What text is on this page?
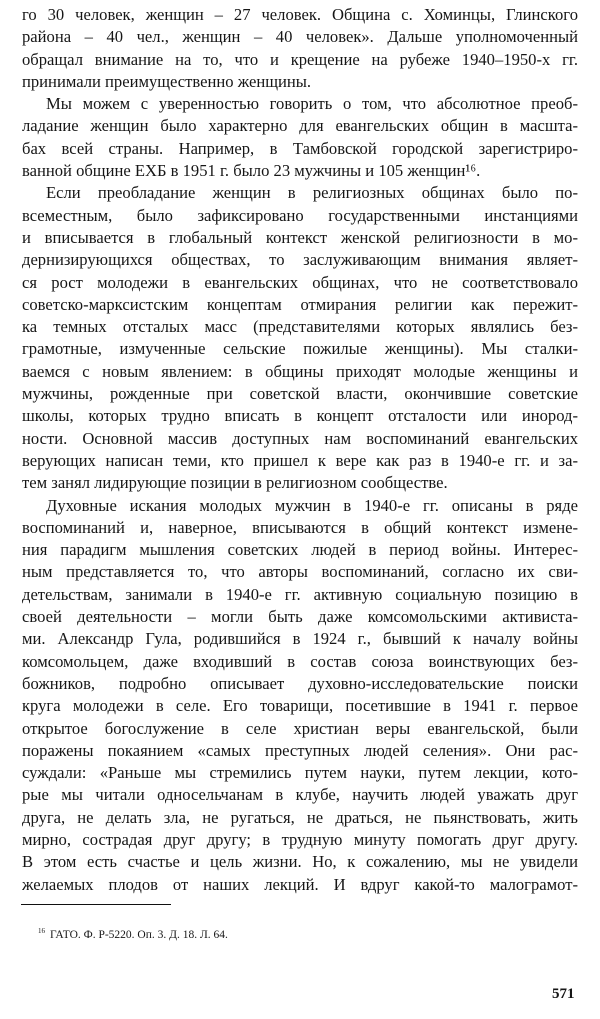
го 30 человек, женщин – 27 человек. Община с. Хоминцы, Глинского
района – 40 чел., женщин – 40 человек». Дальше уполномоченный
обращал внимание на то, что и крещение на рубеже 1940–1950-х гг.
принимали преимущественно женщины.
Мы можем с уверенностью говорить о том, что абсолютное преоб-
ладание женщин было характерно для евангельских общин в масшта-
бах всей страны. Например, в Тамбовской городской зарегистриро-
ванной общине ЕХБ в 1951 г. было 23 мужчины и 105 женщин¹⁶.
Если преобладание женщин в религиозных общинах было по-
всеместным, было зафиксировано государственными инстанциями
и вписывается в глобальный контекст женской религиозности в мо-
дернизирующихся обществах, то заслуживающим внимания являет-
ся рост молодежи в евангельских общинах, что не соответствовало
советско-марксистским концептам отмирания религии как пережит-
ка темных отсталых масс (представителями которых являлись без-
грамотные, измученные сельские пожилые женщины). Мы сталки-
ваемся с новым явлением: в общины приходят молодые женщины и
мужчины, рожденные при советской власти, окончившие советские
школы, которых трудно вписать в концепт отсталости или инород-
ности. Основной массив доступных нам воспоминаний евангельских
верующих написан теми, кто пришел к вере как раз в 1940-е гг. и за-
тем занял лидирующие позиции в религиозном сообществе.
Духовные искания молодых мужчин в 1940-е гг. описаны в ряде
воспоминаний и, наверное, вписываются в общий контекст измене-
ния парадигм мышления советских людей в период войны. Интерес-
ным представляется то, что авторы воспоминаний, согласно их сви-
детельствам, занимали в 1940-е гг. активную социальную позицию в
своей деятельности – могли быть даже комсомольскими активиста-
ми. Александр Гула, родившийся в 1924 г., бывший к началу войны
комсомольцем, даже входивший в состав союза воинствующих без-
божников, подробно описывает духовно-исследовательские поиски
круга молодежи в селе. Его товарищи, посетившие в 1941 г. первое
открытое богослужение в селе христиан веры евангельской, были
поражены покаянием «самых преступных людей селения». Они рас-
суждали: «Раньше мы стремились путем науки, путем лекции, кото-
рые мы читали односельчанам в клубе, научить людей уважать друг
друга, не делать зла, не ругаться, не драться, не пьянствовать, жить
мирно, сострадая друг другу; в трудную минуту помогать друг другу.
В этом есть счастье и цель жизни. Но, к сожалению, мы не увидели
желаемых плодов от наших лекций. И вдруг какой-то малограмот-
$^{16}$ ГАТО. Ф. Р-5220. Оп. 3. Д. 18. Л. 64.
571
